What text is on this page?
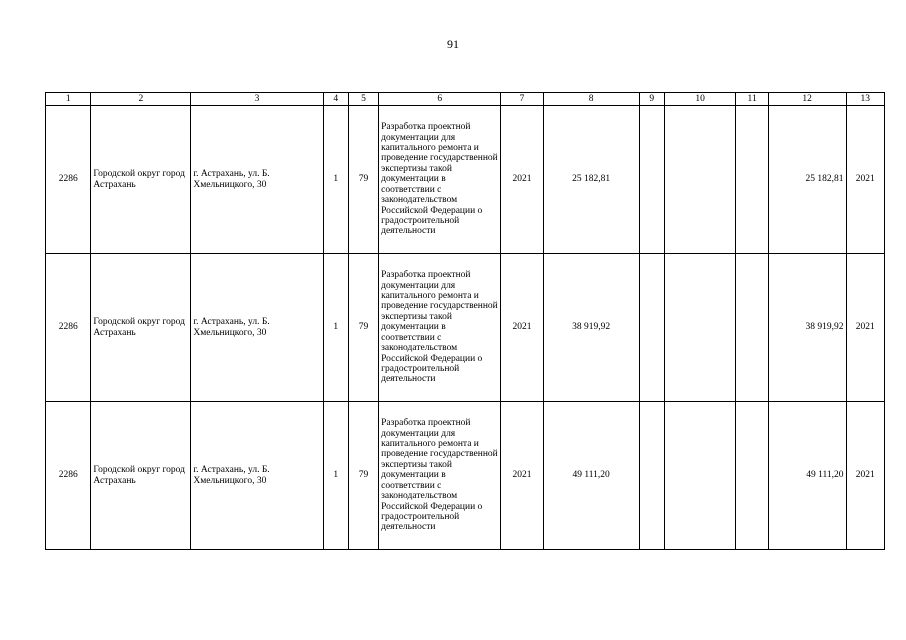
91
1	2	3	4	5	6	7	8	9	10	11	12	13
2286	Городской округ город Астрахань	г. Астрахань, ул. Б. Хмельницкого, 30	1	79	Разработка проектной документации для капитального ремонта и проведение государственной экспертизы такой документации в соответствии с законодательством Российской Федерации о градостроительной деятельности	2021	25 182,81				25 182,81	2021
2286	Городской округ город Астрахань	г. Астрахань, ул. Б. Хмельницкого, 30	1	79	Разработка проектной документации для капитального ремонта и проведение государственной экспертизы такой документации в соответствии с законодательством Российской Федерации о градостроительной деятельности	2021	38 919,92				38 919,92	2021
2286	Городской округ город Астрахань	г. Астрахань, ул. Б. Хмельницкого, 30	1	79	Разработка проектной документации для капитального ремонта и проведение государственной экспертизы такой документации в соответствии с законодательством Российской Федерации о градостроительной деятельности	2021	49 111,20				49 111,20	2021
